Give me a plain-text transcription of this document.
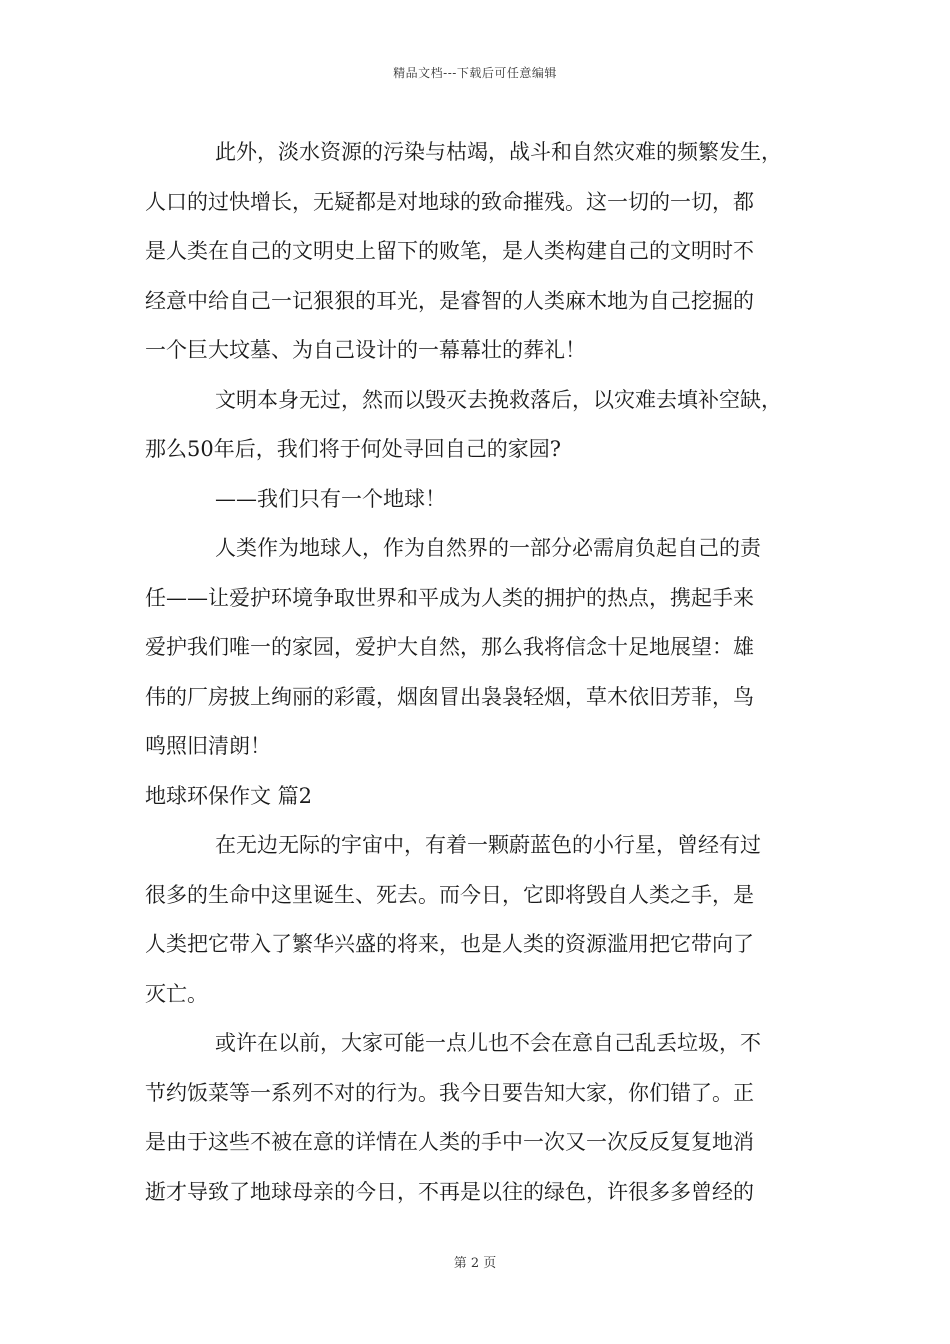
精品文档---下载后可任意编辑
此外，淡水资源的污染与枯竭，战斗和自然灾难的频繁发生，
人口的过快增长，无疑都是对地球的致命摧残。这一切的一切，都
是人类在自己的文明史上留下的败笔，是人类构建自己的文明时不
经意中给自己一记狠狠的耳光，是睿智的人类麻木地为自己挖掘的
一个巨大坟墓、为自己设计的一幕幕壮的葬礼！
文明本身无过，然而以毁灭去挽救落后，以灾难去填补空缺，
那么50年后，我们将于何处寻回自己的家园?
——我们只有一个地球！
人类作为地球人，作为自然界的一部分必需肩负起自己的责
任——让爱护环境争取世界和平成为人类的拥护的热点，携起手来
爱护我们唯一的家园，爱护大自然，那么我将信念十足地展望：雄
伟的厂房披上绚丽的彩霞，烟囱冒出袅袅轻烟，草木依旧芳菲，鸟
鸣照旧清朗！
地球环保作文 篇2
在无边无际的宇宙中，有着一颗蔚蓝色的小行星，曾经有过
很多的生命中这里诞生、死去。而今日，它即将毁自人类之手，是
人类把它带入了繁华兴盛的将来，也是人类的资源滥用把它带向了
灭亡。
或许在以前，大家可能一点儿也不会在意自己乱丢垃圾，不
节约饭菜等一系列不对的行为。我今日要告知大家，你们错了。正
是由于这些不被在意的详情在人类的手中一次又一次反反复复地消
逝才导致了地球母亲的今日，不再是以往的绿色，许很多多曾经的
第 2 页
